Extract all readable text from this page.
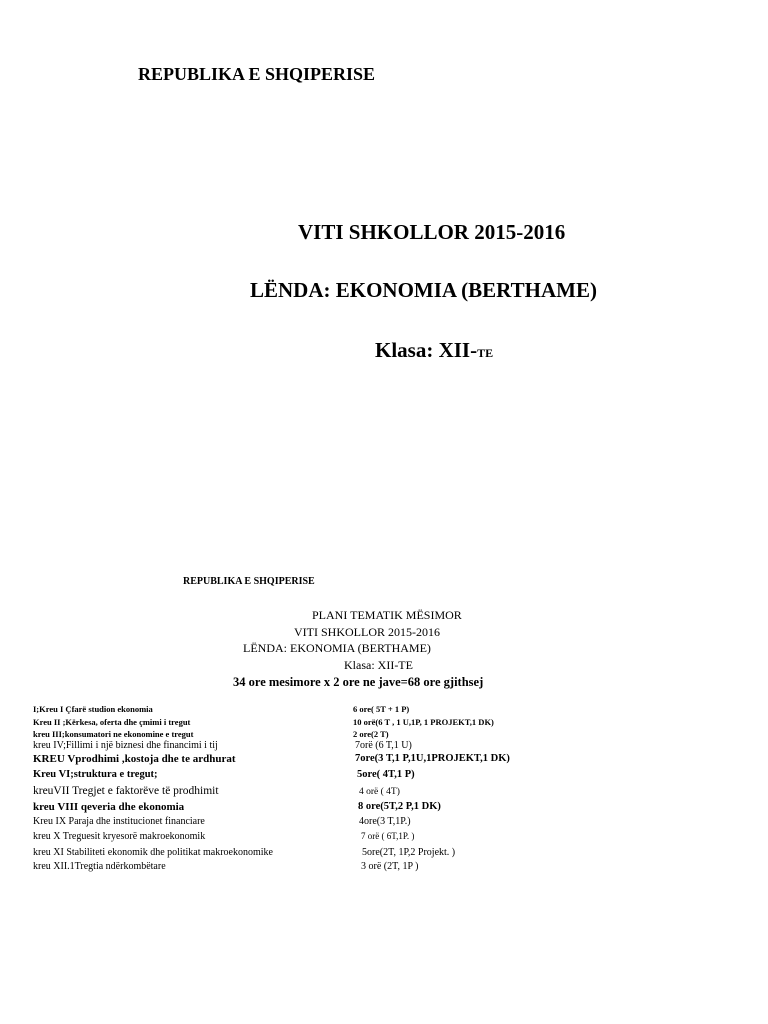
REPUBLIKA E SHQIPERISE
VITI SHKOLLOR 2015-2016
LËNDA: EKONOMIA (BERTHAME)
Klasa: XII-TE
REPUBLIKA E SHQIPERISE
PLANI TEMATIK MËSIMOR
VITI SHKOLLOR 2015-2016
LËNDA: EKONOMIA (BERTHAME)
Klasa: XII-TE
34 ore mesimore x 2 ore ne jave=68 ore gjithsej
I;Kreu I Çfarë studion ekonomia	6 ore( 5T + 1 P)
Kreu II ;Kërkesa, oferta dhe çmimi i tregut	10 orë(6 T , 1 U,1P, 1 PROJEKT,1 DK)
kreu III;konsumatori ne ekonomine e tregut	2 ore(2 T)
kreu IV;Fillimi i një biznesi dhe financimi i tij	7orë (6 T,1 U)
KREU Vprodhimi ,kostoja dhe te ardhurat	7ore(3 T,1 P,1U,1PROJEKT,1 DK)
Kreu VI;struktura e tregut;	5ore( 4T,1 P)
kreuVII Tregjet e faktorëve të prodhimit	4 orë ( 4T)
kreu VIII qeveria dhe ekonomia	8 ore(5T,2 P,1 DK)
Kreu IX Paraja dhe institucionet financiare	4ore(3 T,1P.)
kreu X Treguesit kryesorë makroekonomik	7 orë ( 6T,1P. )
kreu XI Stabiliteti ekonomik dhe politikat makroekonomike	5ore(2T, 1P,2 Projekt. )
kreu XII.1Tregtia ndërkombëtare	3 orë (2T, 1P )
